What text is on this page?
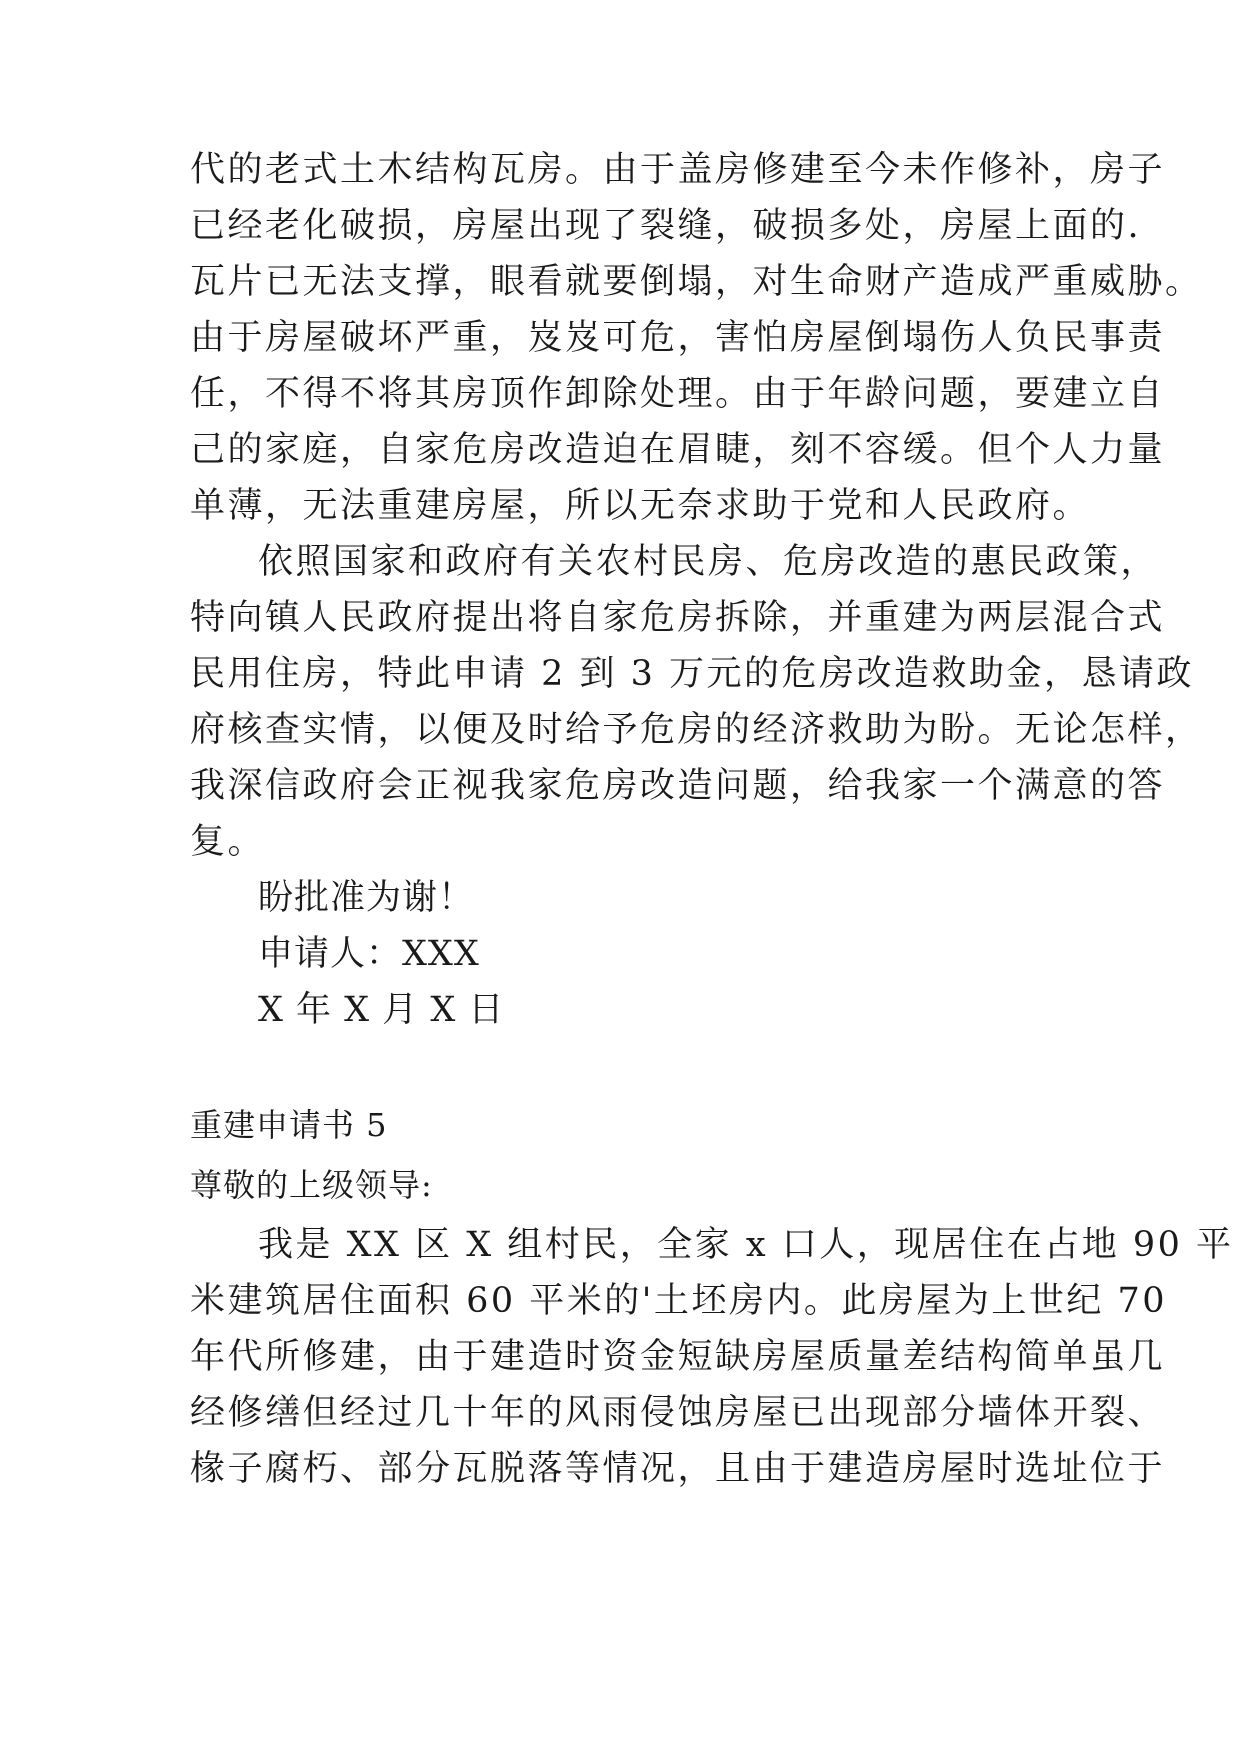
代的老式土木结构瓦房。由于盖房修建至今未作修补，房子
已经老化破损，房屋出现了裂缝，破损多处，房屋上面的.
瓦片已无法支撑，眼看就要倒塌，对生命财产造成严重威胁。
由于房屋破坏严重，岌岌可危，害怕房屋倒塌伤人负民事责
任，不得不将其房顶作卸除处理。由于年龄问题，要建立自
己的家庭，自家危房改造迫在眉睫，刻不容缓。但个人力量
单薄，无法重建房屋，所以无奈求助于党和人民政府。
依照国家和政府有关农村民房、危房改造的惠民政策，
特向镇人民政府提出将自家危房拆除，并重建为两层混合式
民用住房，特此申请 2 到 3 万元的危房改造救助金，恳请政
府核查实情，以便及时给予危房的经济救助为盼。无论怎样，
我深信政府会正视我家危房改造问题，给我家一个满意的答
复。
盼批准为谢！
申请人：XXX
X 年 X 月 X 日
重建申请书 5
尊敬的上级领导:
我是 XX 区 X 组村民，全家 x 口人，现居住在占地 90 平
米建筑居住面积 60 平米的'土坯房内。此房屋为上世纪 70
年代所修建，由于建造时资金短缺房屋质量差结构简单虽几
经修缮但经过几十年的风雨侵蚀房屋已出现部分墙体开裂、
椽子腐朽、部分瓦脱落等情况，且由于建造房屋时选址位于
